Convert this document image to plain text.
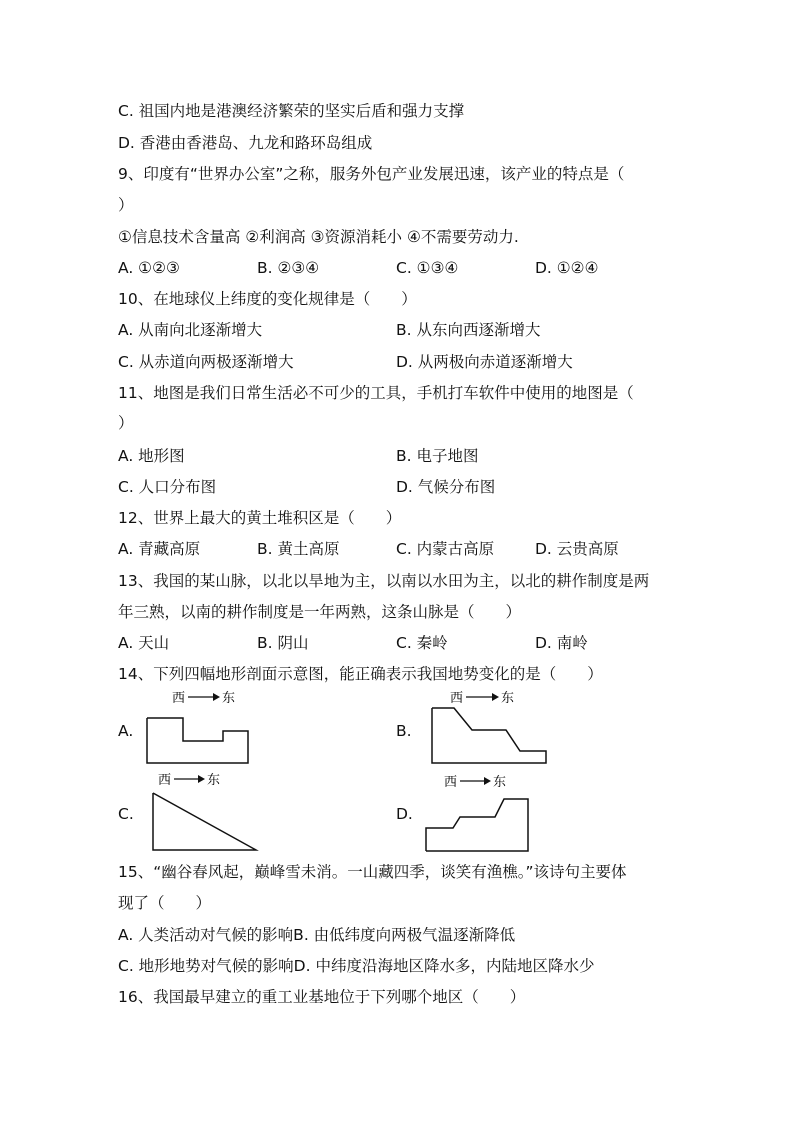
C. 祖国内地是港澳经济繁荣的坚实后盾和强力支撑
D. 香港由香港岛、九龙和路环岛组成
9、印度有“世界办公室”之称，服务外包产业发展迅速，该产业的特点是（
）
①信息技术含量高 ②利润高 ③资源消耗小 ④不需要劳动力.
A. ①②③	B. ②③④	C. ①③④	D. ①②④
10、在地球仪上纬度的变化规律是（　　）
A. 从南向北逐渐增大	B. 从东向西逐渐增大
C. 从赤道向两极逐渐增大	D. 从两极向赤道逐渐增大
11、地图是我们日常生活必不可少的工具，手机打车软件中使用的地图是（
）
A. 地形图	B. 电子地图
C. 人口分布图	D. 气候分布图
12、世界上最大的黄土堆积区是（　　）
A. 青藏高原	B. 黄土高原	C. 内蒙古高原	D. 云贵高原
13、我国的某山脉，以北以旱地为主，以南以水田为主，以北的耕作制度是两
年三熟，以南的耕作制度是一年两熟，这条山脉是（　　）
A. 天山	B. 阴山	C. 秦岭	D. 南岭
14、下列四幅地形剖面示意图，能正确表示我国地势变化的是（　　）
A.	B.
C.	D.
西	东	西	东
西	东	西	东
15、“幽谷春风起，巅峰雪未消。一山藏四季，谈笑有渔樵。”该诗句主要体
现了（　　）
A. 人类活动对气候的影响B. 由低纬度向两极气温逐渐降低
C. 地形地势对气候的影响D. 中纬度沿海地区降水多，内陆地区降水少
16、我国最早建立的重工业基地位于下列哪个地区（　　）
